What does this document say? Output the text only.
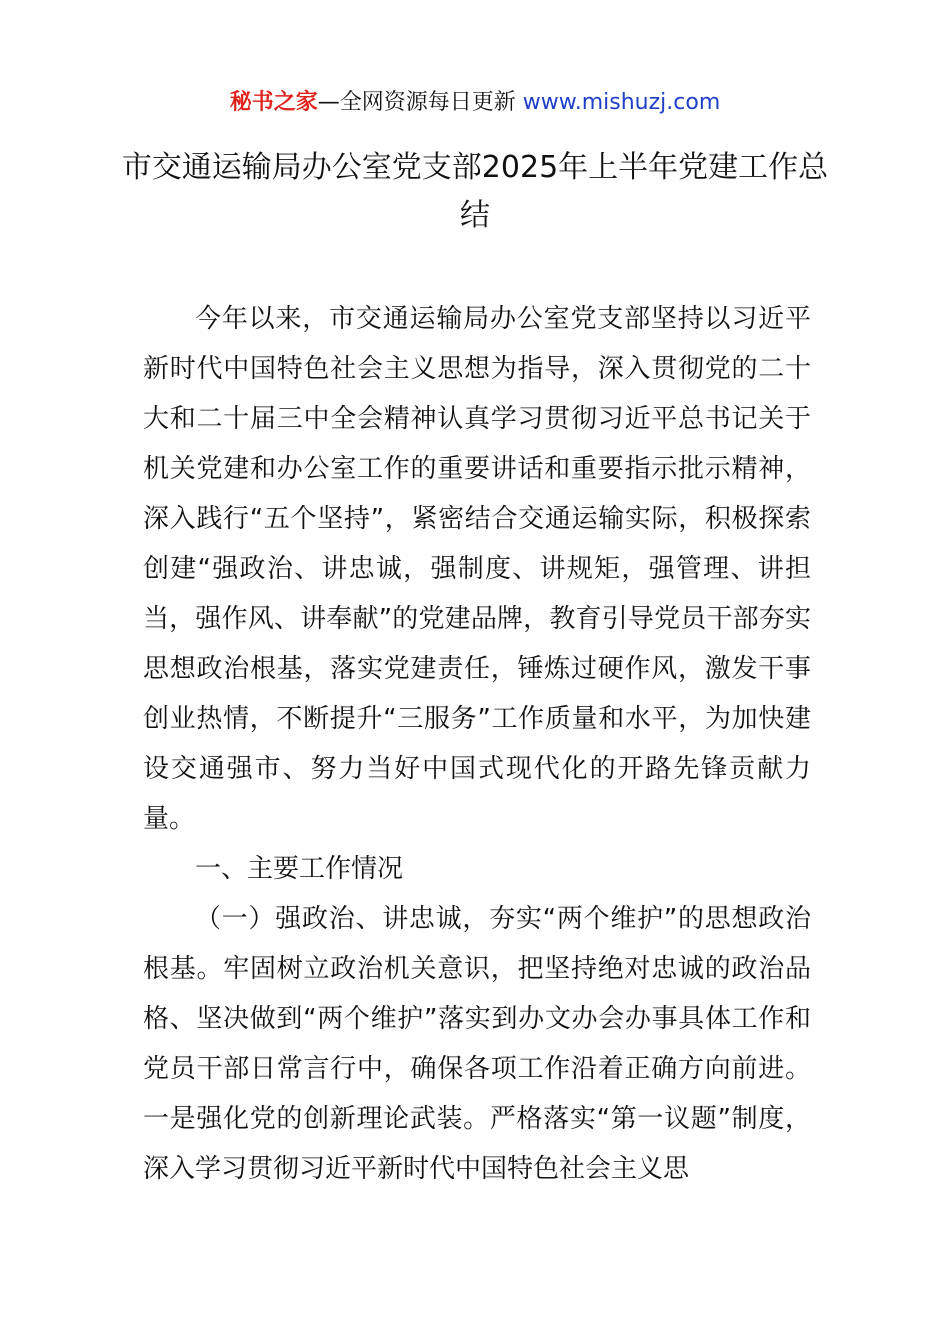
秘书之家—全网资源每日更新 www.mishuzj.com
市交通运输局办公室党支部2025年上半年党建工作总结

今年以来，市交通运输局办公室党支部坚持以习近平新时代中国特色社会主义思想为指导，深入贯彻党的二十大和二十届三中全会精神认真学习贯彻习近平总书记关于机关党建和办公室工作的重要讲话和重要指示批示精神，深入践行“五个坚持”，紧密结合交通运输实际，积极探索创建“强政治、讲忠诚，强制度、讲规矩，强管理、讲担当，强作风、讲奉献”的党建品牌，教育引导党员干部夯实思想政治根基，落实党建责任，锤炼过硬作风，激发干事创业热情，不断提升“三服务”工作质量和水平，为加快建设交通强市、努力当好中国式现代化的开路先锋贡献力量。

一、主要工作情况

（一）强政治、讲忠诚，夯实“两个维护”的思想政治根基。牢固树立政治机关意识，把坚持绝对忠诚的政治品格、坚决做到“两个维护”落实到办文办会办事具体工作和党员干部日常言行中，确保各项工作沿着正确方向前进。一是强化党的创新理论武装。严格落实“第一议题”制度，深入学习贯彻习近平新时代中国特色社会主义思
